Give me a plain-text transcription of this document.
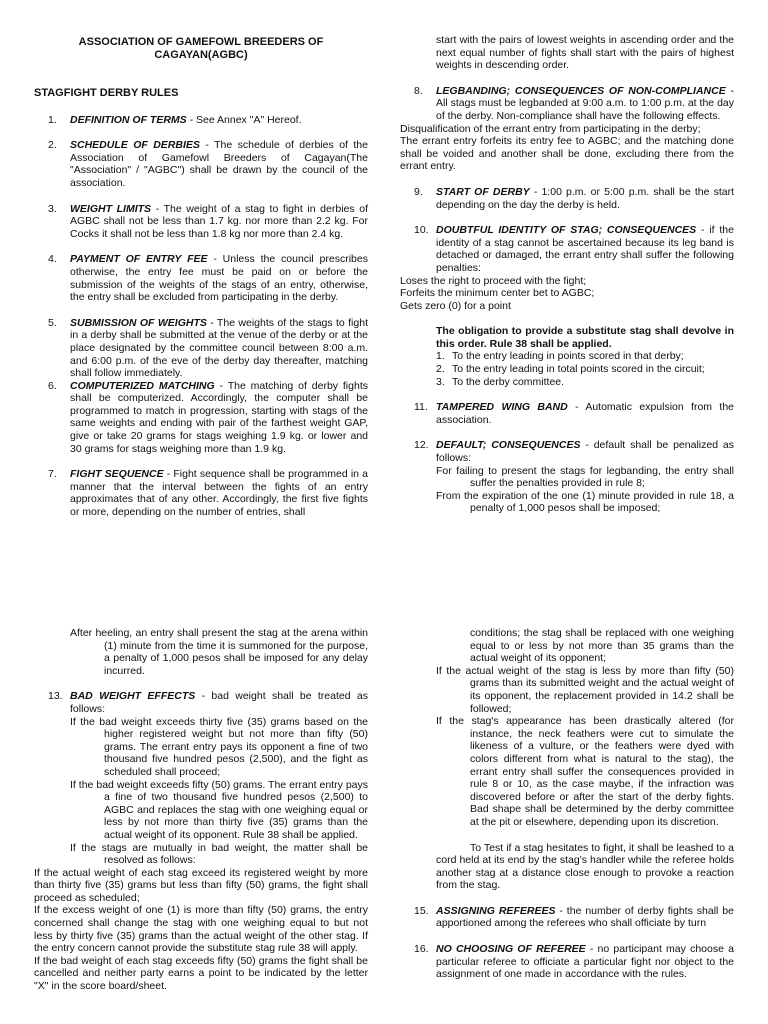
ASSOCIATION OF GAMEFOWL BREEDERS OF
CAGAYAN(AGBC)

STAGFIGHT DERBY RULES

1.	DEFINITION OF TERMS - See Annex "A" Hereof.
2.	SCHEDULE OF DERBIES - The schedule of derbies of the Association of Gamefowl Breeders of Cagayan(The "Association" / "AGBC") shall be drawn by the council of the association.
3.	WEIGHT LIMITS - The weight of a stag to fight in derbies of AGBC shall not be less than 1.7 kg. nor more than 2.2 kg. For Cocks it shall not be less than 1.8 kg nor more than 2.4 kg.
4.	PAYMENT OF ENTRY FEE - Unless the council prescribes otherwise, the entry fee must be paid on or before the submission of the weights of the stags of an entry, otherwise, the entry shall be excluded from participating in the derby.
5.	SUBMISSION OF WEIGHTS - The weights of the stags to fight in a derby shall be submitted at the venue of the derby or at the place designated by the committee council between 8:00 a.m. and 6:00 p.m. of the eve of the derby day thereafter, matching shall follow immediately.
6.	COMPUTERIZED MATCHING - The matching of derby fights shall be computerized. Accordingly, the computer shall be programmed to match in progression, starting with stags of the same weights and ending with pair of the farthest weight GAP, give or take 20 grams for stags weighing 1.9 kg. or lower and 30 grams for stags weighing more than 1.9 kg.
7.	FIGHT SEQUENCE - Fight sequence shall be programmed in a manner that the interval between the fights of an entry approximates that of any other. Accordingly, the first five fights or more, depending on the number of entries, shall

start with the pairs of lowest weights in ascending order and the next equal number of fights shall start with the pairs of highest weights in descending order.

8.	LEGBANDING; CONSEQUENCES OF NON-COMPLIANCE - All stags must be legbanded at 9:00 a.m. to 1:00 p.m. at the day of the derby. Non-compliance shall have the following effects.

Disqualification of the errant entry from participating in the derby;

The errant entry forfeits its entry fee to AGBC; and the matching done shall be voided and another shall be done, excluding there from the errant entry.

9.	START OF DERBY - 1:00 p.m. or 5:00 p.m. shall be the start depending on the day the derby is held.
10. DOUBTFUL IDENTITY OF STAG; CONSEQUENCES - if the identity of a stag cannot be ascertained because its leg band is detached or damaged, the errant entry shall suffer the following penalties:

Loses the right to proceed with the fight;

Forfeits the minimum center bet to AGBC;

Gets zero (0) for a point

The obligation to provide a substitute stag shall devolve in this order. Rule 38 shall be applied.

1. To the entry leading in points scored in that derby;
2. To the entry leading in total points scored in the circuit;
3. To the derby committee.
11. TAMPERED WING BAND - Automatic expulsion from the association.
12. DEFAULT; CONSEQUENCES - default shall be penalized as follows:

For failing to present the stags for legbanding, the entry shall suffer the penalties provided in rule 8;

From the expiration of the one (1) minute provided in rule 18, a penalty of 1,000 pesos shall be imposed;

After heeling, an entry shall present the stag at the arena within (1) minute from the time it is summoned for the purpose, a penalty of 1,000 pesos shall be imposed for any delay incurred.

13. BAD WEIGHT EFFECTS - bad weight shall be treated as follows:

If the bad weight exceeds thirty five (35) grams based on the higher registered weight but not more than fifty (50) grams. The errant entry pays its opponent a fine of two thousand five hundred pesos (2,500), and the fight as scheduled shall proceed;

If the bad weight exceeds fifty (50) grams. The errant entry pays a fine of two thousand five hundred pesos (2,500) to AGBC and replaces the stag with one weighing equal or less by not more than thirty five (35) grams than the actual weight of its opponent. Rule 38 shall be applied.

If the stags are mutually in bad weight, the matter shall be resolved as follows:

If the actual weight of each stag exceed its registered weight by more than thirty five (35) grams but less than fifty (50) grams, the fight shall proceed as scheduled;

If the excess weight of one (1) is more than fifty (50) grams, the entry concerned shall change the stag with one weighing equal to but not less by thirty five (35) grams than the actual weight of the other stag. If the entry concern cannot provide the substitute stag rule 38 will apply.

If the bad weight of each stag exceeds fifty (50) grams the fight shall be cancelled and neither party earns a point to be indicated by the letter "X" in the score board/sheet.

conditions; the stag shall be replaced with one weighing equal to or less by not more than 35 grams than the actual weight of its opponent;

If the actual weight of the stag is less by more than fifty (50) grams than its submitted weight and the actual weight of its opponent, the replacement provided in 14.2 shall be followed;

If the stag's appearance has been drastically altered (for instance, the neck feathers were cut to simulate the likeness of a vulture, or the feathers were dyed with colors different from what is natural to the stag), the errant entry shall suffer the consequences provided in rule 8 or 10, as the case maybe, if the infraction was discovered before or after the start of the derby fights. Bad shape shall be determined by the derby committee at the pit or elsewhere, depending upon its discretion.

To Test if a stag hesitates to fight, it shall be leashed to a cord held at its end by the stag's handler while the referee holds another stag at a distance close enough to provoke a reaction from the stag.

15. ASSIGNING REFEREES - the number of derby fights shall be apportioned among the referees who shall officiate by turn
16. NO CHOOSING OF REFEREE - no participant may choose a particular referee to officiate a particular fight nor object to the assignment of one made in accordance with the rules.
